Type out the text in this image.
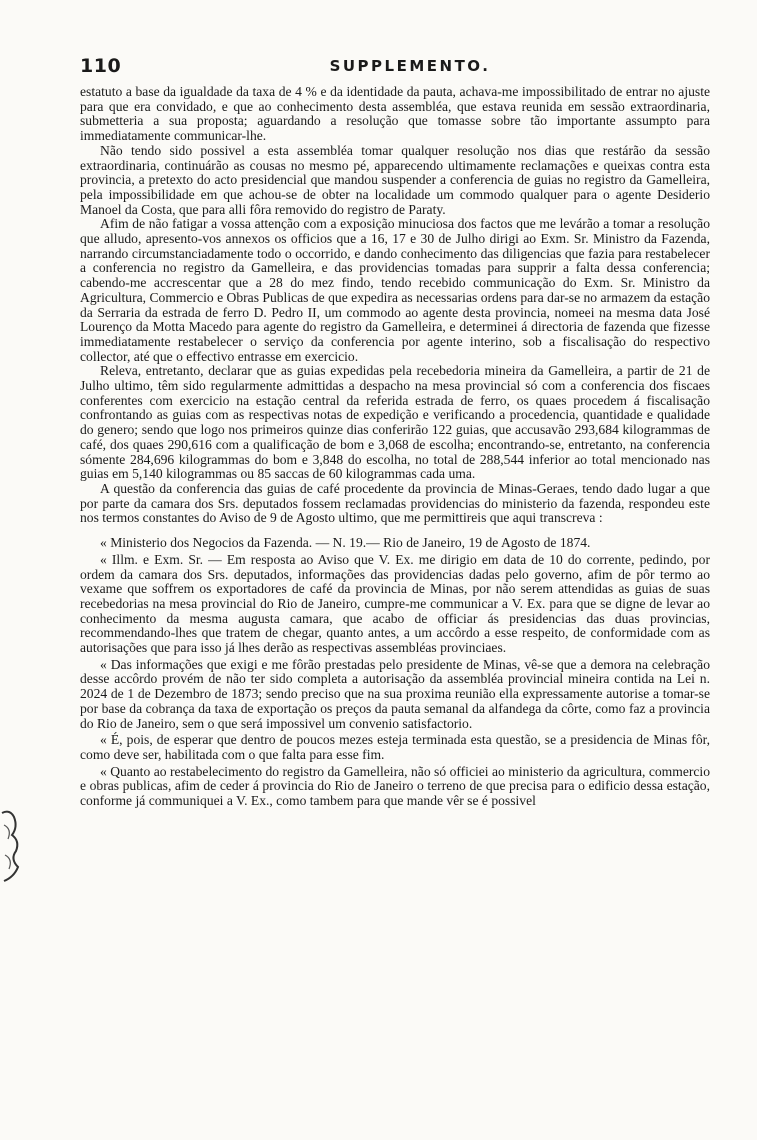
110	SUPPLEMENTO.

estatuto a base da igualdade da taxa de 4 % e da identidade da pauta, achava-me impossibilitado de entrar no ajuste para que era convidado, e que ao conhecimento desta assembléa, que estava reunida em sessão extraordinaria, submetteria a sua proposta; aguardando a resolução que tomasse sobre tão importante assumpto para immediatamente communicar-lhe.

Não tendo sido possivel a esta assembléa tomar qualquer resolução nos dias que restárão da sessão extraordinaria, continuárão as cousas no mesmo pé, apparecendo ultimamente reclamações e queixas contra esta provincia, a pretexto do acto presidencial que mandou suspender a conferencia de guias no registro da Gamelleira, pela impossibilidade em que achou-se de obter na localidade um commodo qualquer para o agente Desiderio Manoel da Costa, que para alli fôra removido do registro de Paraty.

Afim de não fatigar a vossa attenção com a exposição minuciosa dos factos que me levárão a tomar a resolução que alludo, apresento-vos annexos os officios que a 16, 17 e 30 de Julho dirigi ao Exm. Sr. Ministro da Fazenda, narrando circumstanciadamente todo o occorrido, e dando conhecimento das diligencias que fazia para restabelecer a conferencia no registro da Gamelleira, e das providencias tomadas para supprir a falta dessa conferencia; cabendo-me accrescentar que a 28 do mez findo, tendo recebido communicação do Exm. Sr. Ministro da Agricultura, Commercio e Obras Publicas de que expedira as necessarias ordens para dar-se no armazem da estação da Serraria da estrada de ferro D. Pedro II, um commodo ao agente desta provincia, nomeei na mesma data José Lourenço da Motta Macedo para agente do registro da Gamelleira, e determinei á directoria de fazenda que fizesse immediatamente restabelecer o serviço da conferencia por agente interino, sob a fiscalisação do respectivo collector, até que o effectivo entrasse em exercicio.

Releva, entretanto, declarar que as guias expedidas pela recebedoria mineira da Gamelleira, a partir de 21 de Julho ultimo, têm sido regularmente admittidas a despacho na mesa provincial só com a conferencia dos fiscaes conferentes com exercicio na estação central da referida estrada de ferro, os quaes procedem á fiscalisação confrontando as guias com as respectivas notas de expedição e verificando a procedencia, quantidade e qualidade do genero; sendo que logo nos primeiros quinze dias conferirão 122 guias, que accusavão 293,684 kilogrammas de café, dos quaes 290,616 com a qualificação de bom e 3,068 de escolha; encontrando-se, entretanto, na conferencia sómente 284,696 kilogrammas do bom e 3,848 do escolha, no total de 288,544 inferior ao total mencionado nas guias em 5,140 kilogrammas ou 85 saccas de 60 kilogrammas cada uma.

A questão da conferencia das guias de café procedente da provincia de Minas-Geraes, tendo dado lugar a que por parte da camara dos Srs. deputados fossem reclamadas providencias do ministerio da fazenda, respondeu este nos termos constantes do Aviso de 9 de Agosto ultimo, que me permittireis que aqui transcreva :

« Ministerio dos Negocios da Fazenda. — N. 19.— Rio de Janeiro, 19 de Agosto de 1874.

« Illm. e Exm. Sr. — Em resposta ao Aviso que V. Ex. me dirigio em data de 10 do corrente, pedindo, por ordem da camara dos Srs. deputados, informações das providencias dadas pelo governo, afim de pôr termo ao vexame que soffrem os exportadores de café da provincia de Minas, por não serem attendidas as guias de suas recebedorias na mesa provincial do Rio de Janeiro, cumpre-me communicar a V. Ex. para que se digne de levar ao conhecimento da mesma augusta camara, que acabo de officiar ás presidencias das duas provincias, recommendando-lhes que tratem de chegar, quanto antes, a um accôrdo a esse respeito, de conformidade com as autorisações que para isso já lhes derão as respectivas assembléas provinciaes.

« Das informações que exigi e me fôrão prestadas pelo presidente de Minas, vê-se que a demora na celebração desse accôrdo provém de não ter sido completa a autorisação da assembléa provincial mineira contida na Lei n. 2024 de 1 de Dezembro de 1873; sendo preciso que na sua proxima reunião ella expressamente autorise a tomar-se por base da cobrança da taxa de exportação os preços da pauta semanal da alfandega da côrte, como faz a provincia do Rio de Janeiro, sem o que será impossivel um convenio satisfactorio.

« É, pois, de esperar que dentro de poucos mezes esteja terminada esta questão, se a presidencia de Minas fôr, como deve ser, habilitada com o que falta para esse fim.

« Quanto ao restabelecimento do registro da Gamelleira, não só officiei ao ministerio da agricultura, commercio e obras publicas, afim de ceder á provincia do Rio de Janeiro o terreno de que precisa para o edificio dessa estação, conforme já communiquei a V. Ex., como tambem para que mande vêr se é possivel
